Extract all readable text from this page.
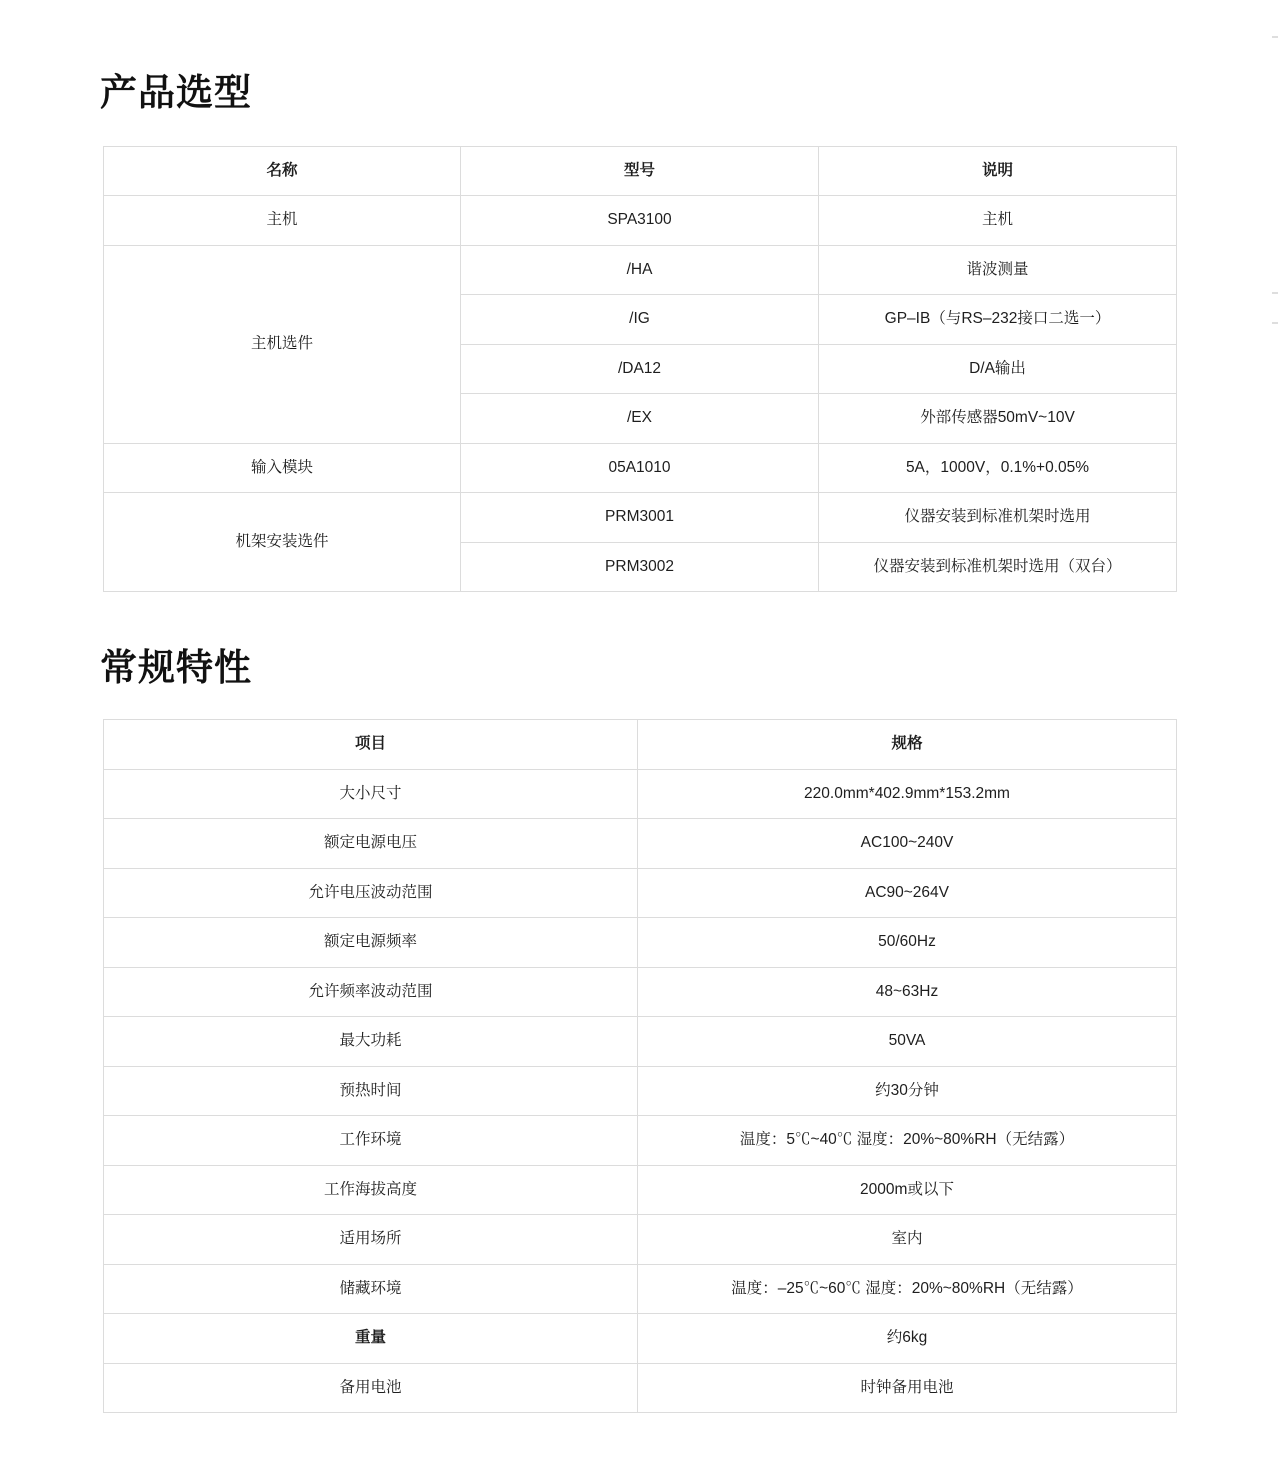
产品选型
名称	型号	说明
主机	SPA3100	主机
主机选件	/HA	谐波测量
	/IG	GP–IB（与RS–232接口二选一）
	/DA12	D/A输出
	/EX	外部传感器50mV~10V
输入模块	05A1010	5A，1000V，0.1%+0.05%
机架安装选件	PRM3001	仪器安装到标准机架时选用
	PRM3002	仪器安装到标准机架时选用（双台）
常规特性
项目	规格
大小尺寸	220.0mm*402.9mm*153.2mm
额定电源电压	AC100~240V
允许电压波动范围	AC90~264V
额定电源频率	50/60Hz
允许频率波动范围	48~63Hz
最大功耗	50VA
预热时间	约30分钟
工作环境	温度：5℃~40℃ 湿度：20%~80%RH（无结露）
工作海拔高度	2000m或以下
适用场所	室内
储藏环境	温度：–25℃~60℃ 湿度：20%~80%RH（无结露）
重量	约6kg
备用电池	时钟备用电池
